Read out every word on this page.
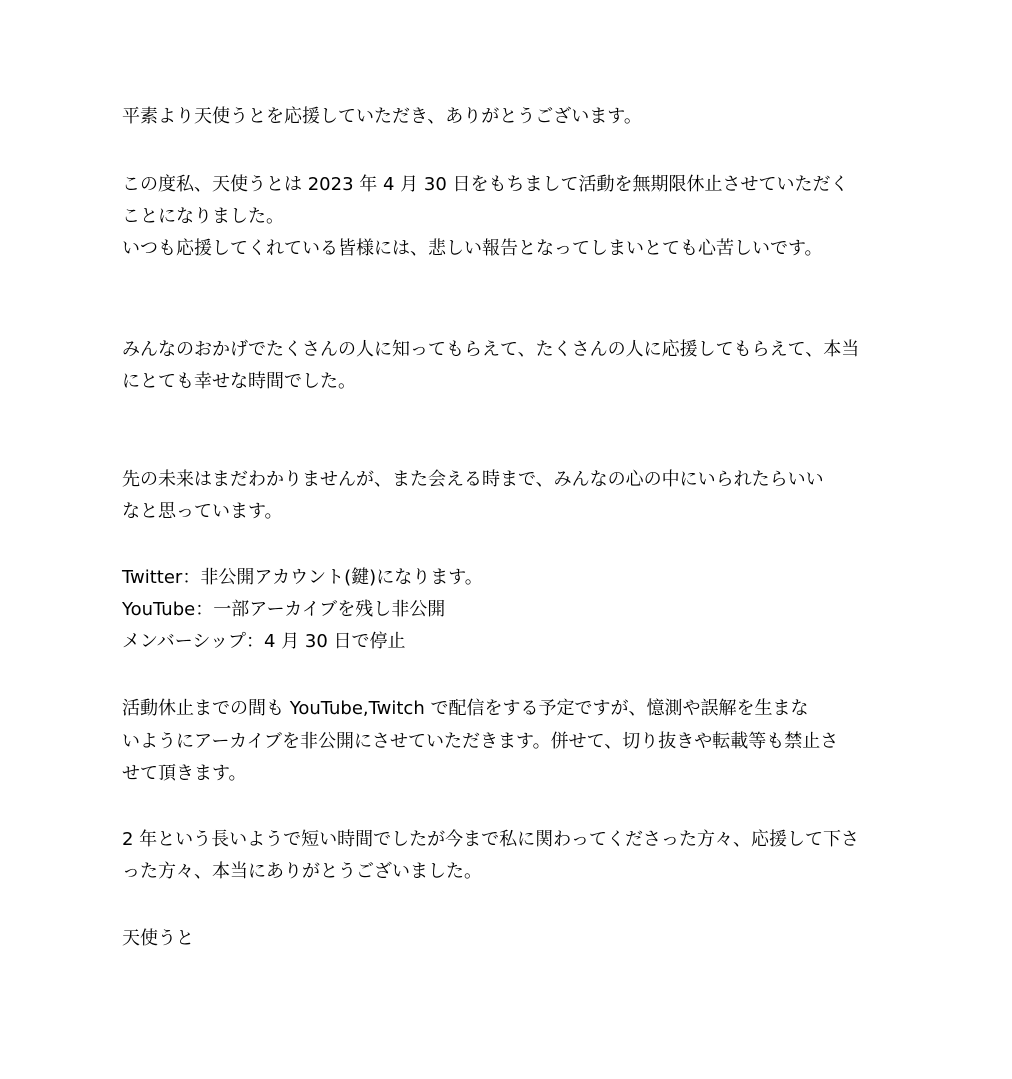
平素より天使うとを応援していただき、ありがとうございます。
この度私、天使うとは 2023 年 4 月 30 日をもちまして活動を無期限休止させていただく
ことになりました。
いつも応援してくれている皆様には、悲しい報告となってしまいとても心苦しいです。
みんなのおかげでたくさんの人に知ってもらえて、たくさんの人に応援してもらえて、本当
にとても幸せな時間でした。
先の未来はまだわかりませんが、また会える時まで、みんなの心の中にいられたらいい
なと思っています。
Twitter：非公開アカウント(鍵)になります。
YouTube：一部アーカイブを残し非公開
メンバーシップ：4 月 30 日で停止
活動休止までの間も YouTube,Twitch で配信をする予定ですが、憶測や誤解を生まな
いようにアーカイブを非公開にさせていただきます。併せて、切り抜きや転載等も禁止さ
せて頂きます。
2 年という長いようで短い時間でしたが今まで私に関わってくださった方々、応援して下さ
った方々、本当にありがとうございました。
天使うと
